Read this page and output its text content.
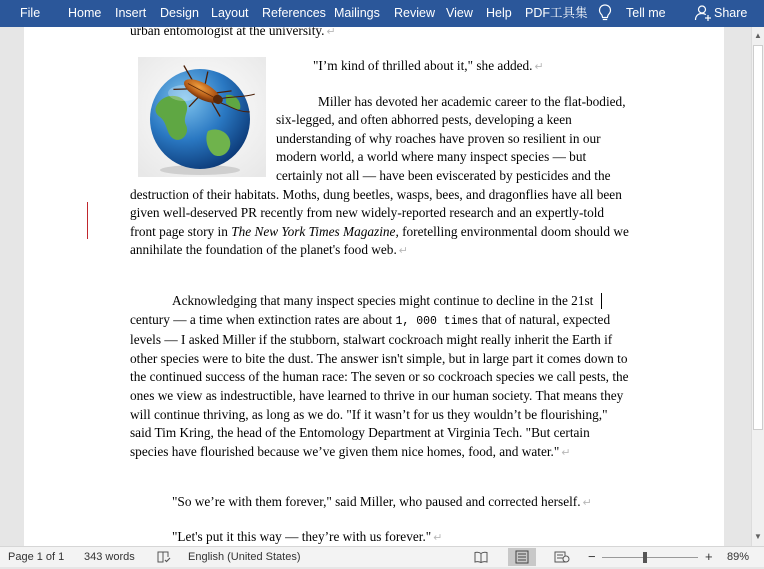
File Home Insert Design Layout References Mailings Review View Help PDF工具集	Tell me	Share
urban entomologist at the university. ↵
"I’m kind of thrilled about it," she added. ↵
Miller has devoted her academic career to the flat-bodied, six-legged, and often abhorred pests, developing a keen understanding of why roaches have proven so resilient in our modern world, a world where many inspect species — but certainly not all — have been eviscerated by pesticides and the destruction of their habitats. Moths, dung beetles, wasps, bees, and dragonflies have all been given well-deserved PR recently from new widely-reported research and an expertly-told front page story in The New York Times Magazine, foretelling environmental doom should we annihilate the foundation of the planet's food web. ↵
Acknowledging that many inspect species might continue to decline in the 21st century — a time when extinction rates are about 1, 000 times that of natural, expected levels — I asked Miller if the stubborn, stalwart cockroach might really inherit the Earth if other species were to bite the dust. The answer isn't simple, but in large part it comes down to the continued success of the human race: The seven or so cockroach species we call pests, the ones we view as indestructible, have learned to thrive in our human society. That means they will continue thriving, as long as we do. "If it wasn’t for us they wouldn’t be flourishing," said Tim Kring, the head of the Entomology Department at Virginia Tech. "But certain species have flourished because we’ve given them nice homes, food, and water." ↵
"So we’re with them forever," said Miller, who paused and corrected herself. ↵
"Let's put it this way — they’re with us forever." ↵
▲
▼
Page 1 of 1 343 words	English (United States)	−	+ 89%
